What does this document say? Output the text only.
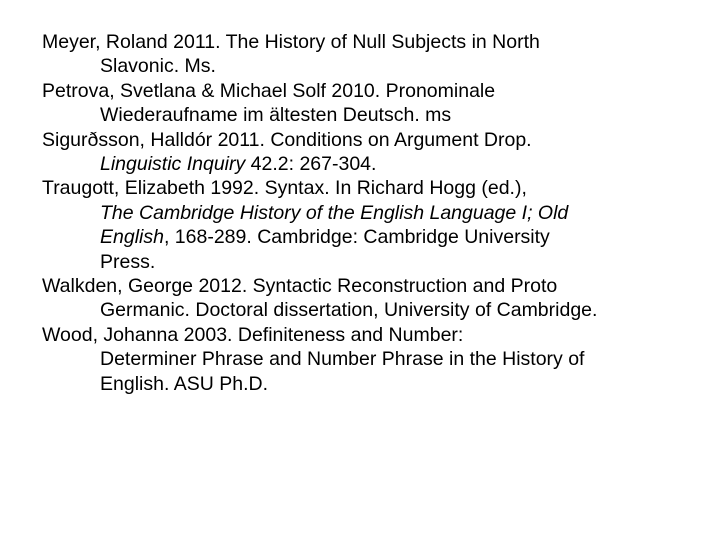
Meyer, Roland 2011. The History of Null Subjects in North
Slavonic. Ms.

Petrova, Svetlana & Michael Solf 2010. Pronominale
Wiederaufname im ältesten Deutsch. ms

Sigurðsson, Halldór 2011. Conditions on Argument Drop.
Linguistic Inquiry 42.2: 267-304.

Traugott, Elizabeth 1992. Syntax. In Richard Hogg (ed.),
The Cambridge History of the English Language I; Old
English, 168-289. Cambridge: Cambridge University
Press.

Walkden, George 2012. Syntactic Reconstruction and Proto
Germanic. Doctoral dissertation, University of Cambridge.

Wood, Johanna 2003. Definiteness and Number:
Determiner Phrase and Number Phrase in the History of
English. ASU Ph.D.
